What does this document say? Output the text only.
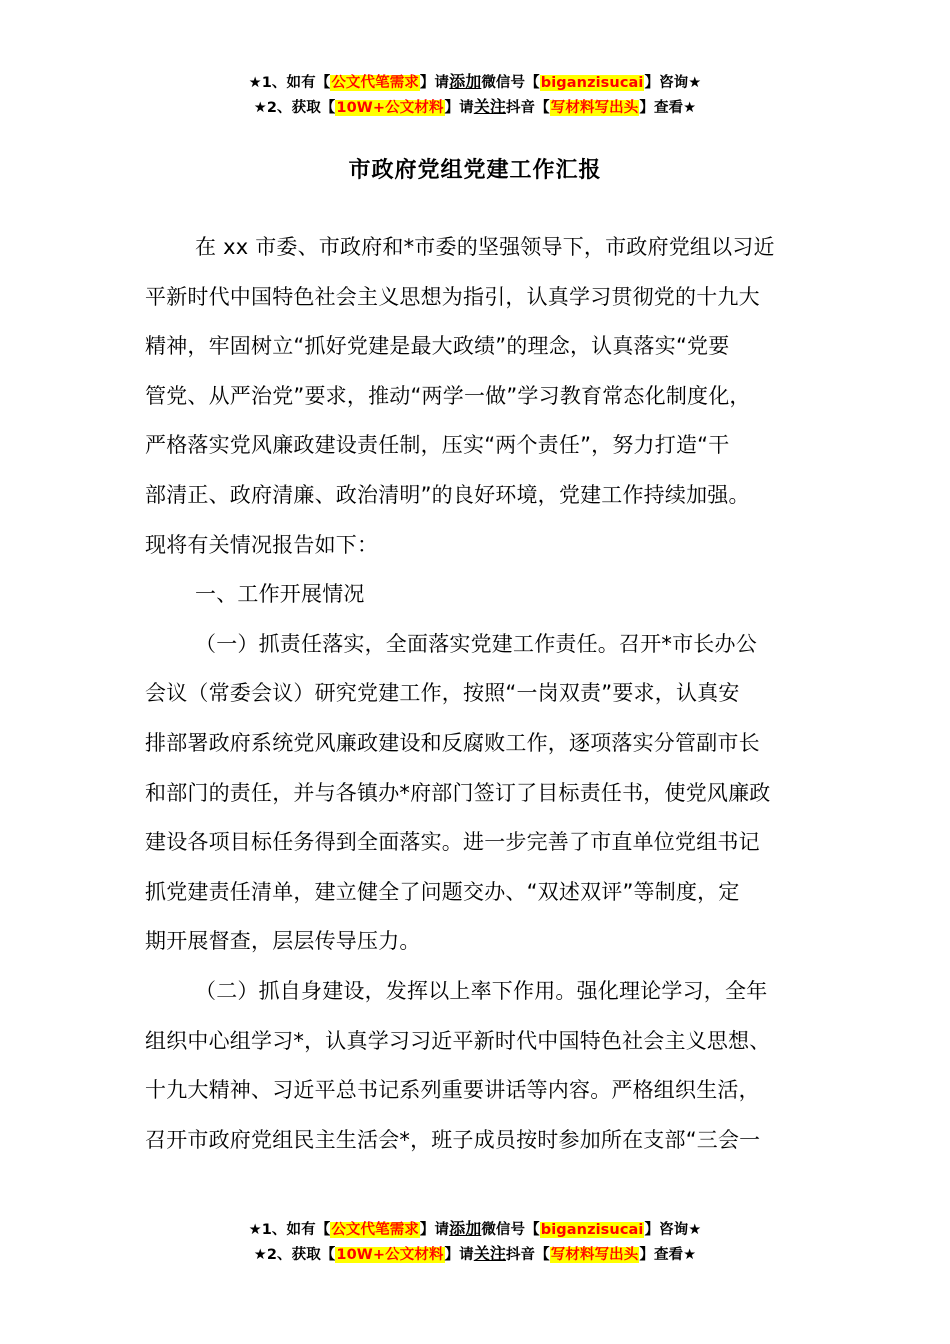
★1、如有【公文代笔需求】请添加微信号【biganzisucai】咨询★
★2、获取【10W+公文材料】请关注抖音【写材料写出头】查看★
市政府党组党建工作汇报
在 xx 市委、市政府和*市委的坚强领导下，市政府党组以习近
平新时代中国特色社会主义思想为指引，认真学习贯彻党的十九大
精神，牢固树立“抓好党建是最大政绩”的理念，认真落实“党要
管党、从严治党”要求，推动“两学一做”学习教育常态化制度化，
严格落实党风廉政建设责任制，压实“两个责任”，努力打造“干
部清正、政府清廉、政治清明”的良好环境，党建工作持续加强。
现将有关情况报告如下：
一、工作开展情况
（一）抓责任落实，全面落实党建工作责任。召开*市长办公
会议（常委会议）研究党建工作，按照“一岗双责”要求，认真安
排部署政府系统党风廉政建设和反腐败工作，逐项落实分管副市长
和部门的责任，并与各镇办*府部门签订了目标责任书，使党风廉政
建设各项目标任务得到全面落实。进一步完善了市直单位党组书记
抓党建责任清单，建立健全了问题交办、“双述双评”等制度，定
期开展督查，层层传导压力。
（二）抓自身建设，发挥以上率下作用。强化理论学习，全年
组织中心组学习*，认真学习习近平新时代中国特色社会主义思想、
十九大精神、习近平总书记系列重要讲话等内容。严格组织生活，
召开市政府党组民主生活会*，班子成员按时参加所在支部“三会一
★1、如有【公文代笔需求】请添加微信号【biganzisucai】咨询★
★2、获取【10W+公文材料】请关注抖音【写材料写出头】查看★
